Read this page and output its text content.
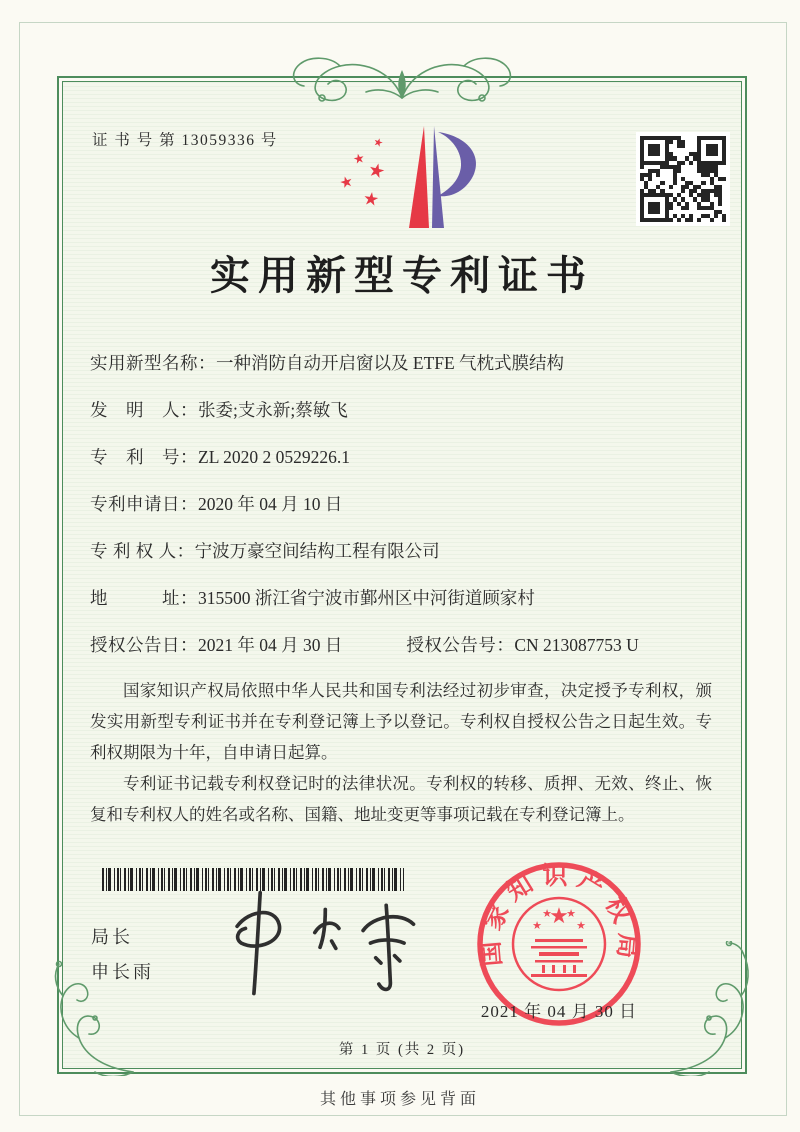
证 书 号 第 13059336 号	★
★
★
★
★
实用新型专利证书
实用新型名称：一种消防自动开启窗以及 ETFE 气枕式膜结构
发　明　人：张委;支永新;蔡敏飞
专　利　号：ZL 2020 2 0529226.1
专利申请日：2020 年 04 月 10 日
专 利 权 人：宁波万豪空间结构工程有限公司
地　　　址：315500 浙江省宁波市鄞州区中河街道顾家村
授权公告日：2021 年 04 月 30 日	授权公告号：CN 213087753 U

国家知识产权局依照中华人民共和国专利法经过初步审查，决定授予专利权，颁发实用新型专利证书并在专利登记簿上予以登记。专利权自授权公告之日起生效。专利权期限为十年，自申请日起算。

专利证书记载专利权登记时的法律状况。专利权的转移、质押、无效、终止、恢复和专利权人的姓名或名称、国籍、地址变更等事项记载在专利登记簿上。

局长
申长雨
★
★
★ ★
★
国家知识产权局
2021 年 04 月 30 日
第 1 页 (共 2 页)
其他事项参见背面
